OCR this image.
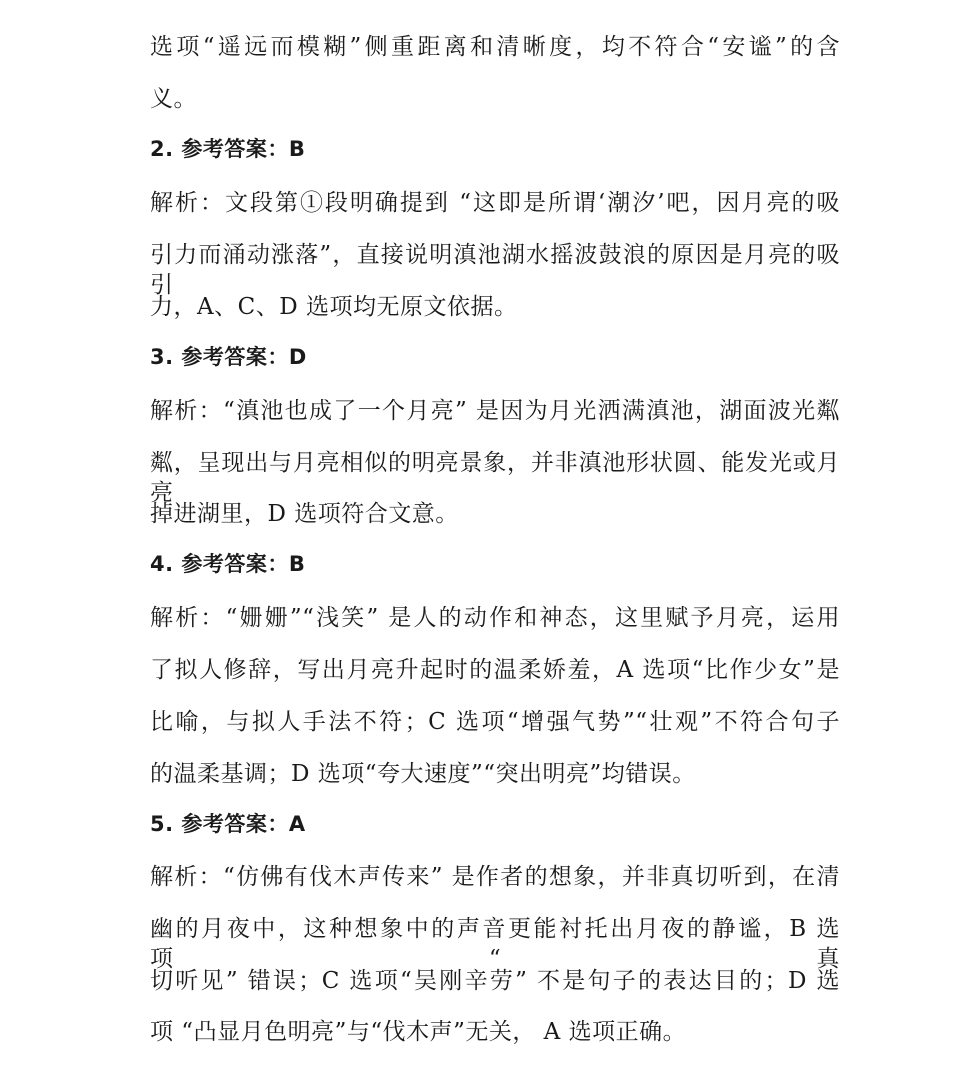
选项“遥远而模糊”侧重距离和清晰度，均不符合“安谧”的含
义。
2. 参考答案：B
解析：文段第①段明确提到 “这即是所谓‘潮汐’吧，因月亮的吸
引力而涌动涨落”，直接说明滇池湖水摇波鼓浪的原因是月亮的吸引
力，A、C、D 选项均无原文依据。
3. 参考答案：D
解析：“滇池也成了一个月亮” 是因为月光洒满滇池，湖面波光粼
粼，呈现出与月亮相似的明亮景象，并非滇池形状圆、能发光或月亮
掉进湖里，D 选项符合文意。
4. 参考答案：B
解析：“姗姗”“浅笑” 是人的动作和神态，这里赋予月亮，运用
了拟人修辞，写出月亮升起时的温柔娇羞，A 选项“比作少女”是
比喻，与拟人手法不符；C 选项“增强气势”“壮观”不符合句子
的温柔基调；D 选项“夸大速度”“突出明亮”均错误。
5. 参考答案：A
解析：“仿佛有伐木声传来” 是作者的想象，并非真切听到，在清
幽的月夜中，这种想象中的声音更能衬托出月夜的静谧，B 选项“真
切听见” 错误；C 选项“吴刚辛劳” 不是句子的表达目的；D 选
项 “凸显月色明亮”与“伐木声”无关， A 选项正确。
